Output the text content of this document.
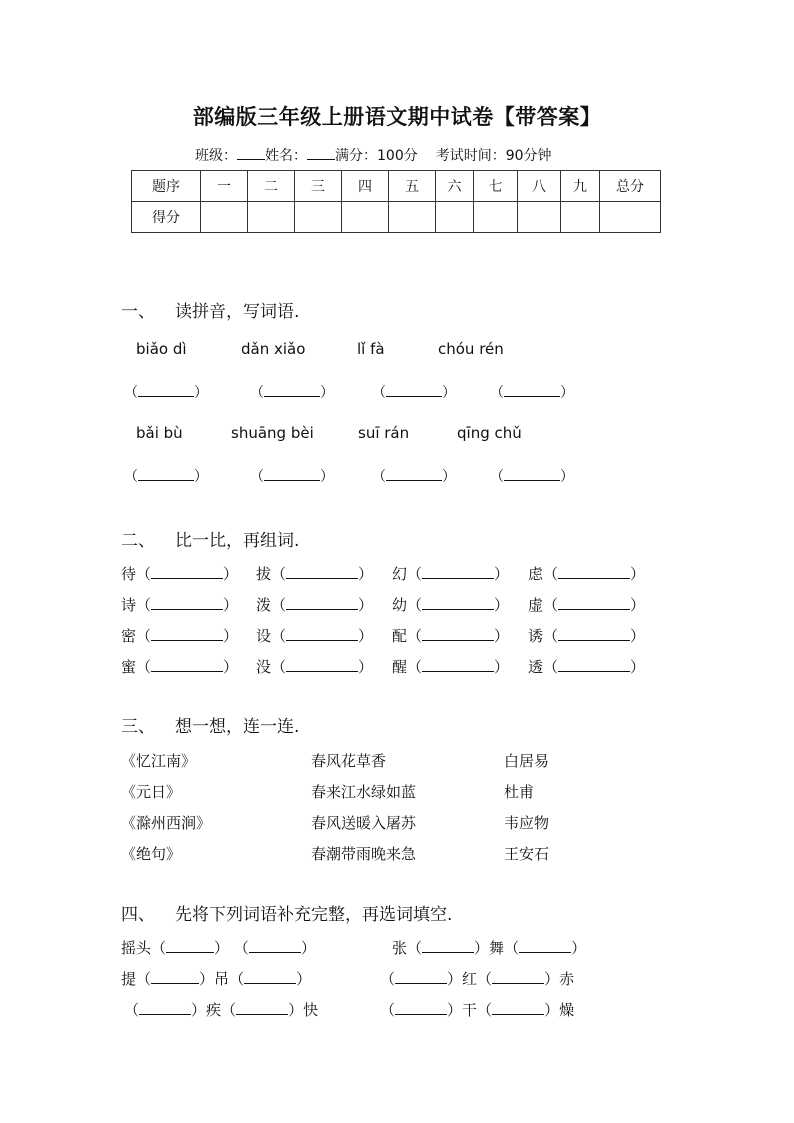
部编版三年级上册语文期中试卷【带答案】
班级： 姓名： 满分：100分 考试时间：90分钟
题序	一	二	三	四	五	六	七	八	九	总分
得分										
一、 读拼音，写词语.
biǎo dì	dǎn xiǎo	lǐ fà	chóu rén
（	）	（	）	（	） （	）
bǎi bù	shuāng bèi	suī rán	qīng chǔ
（	）	（	）	（	） （	）
二、 比一比，再组词.
待（	） 拔（	） 幻（	） 虑（	）
诗（	） 泼（	） 幼（	） 虚（	）
密（	） 设（	） 配（	） 诱（	）
蜜（	） 没（	） 醒（	） 透（	）
三、 想一想，连一连.
《忆江南》	春风花草香	白居易
《元日》	春来江水绿如蓝	杜甫
《滁州西涧》	春风送暖入屠苏	韦应物
《绝句》	春潮带雨晚来急	王安石
四、 先将下列词语补充完整，再选词填空.
摇头（	） （	）	张（	）舞（	）
提（	）吊（	）	（	）红（	）赤
（	）疾（	）快	（	）干（	）燥
